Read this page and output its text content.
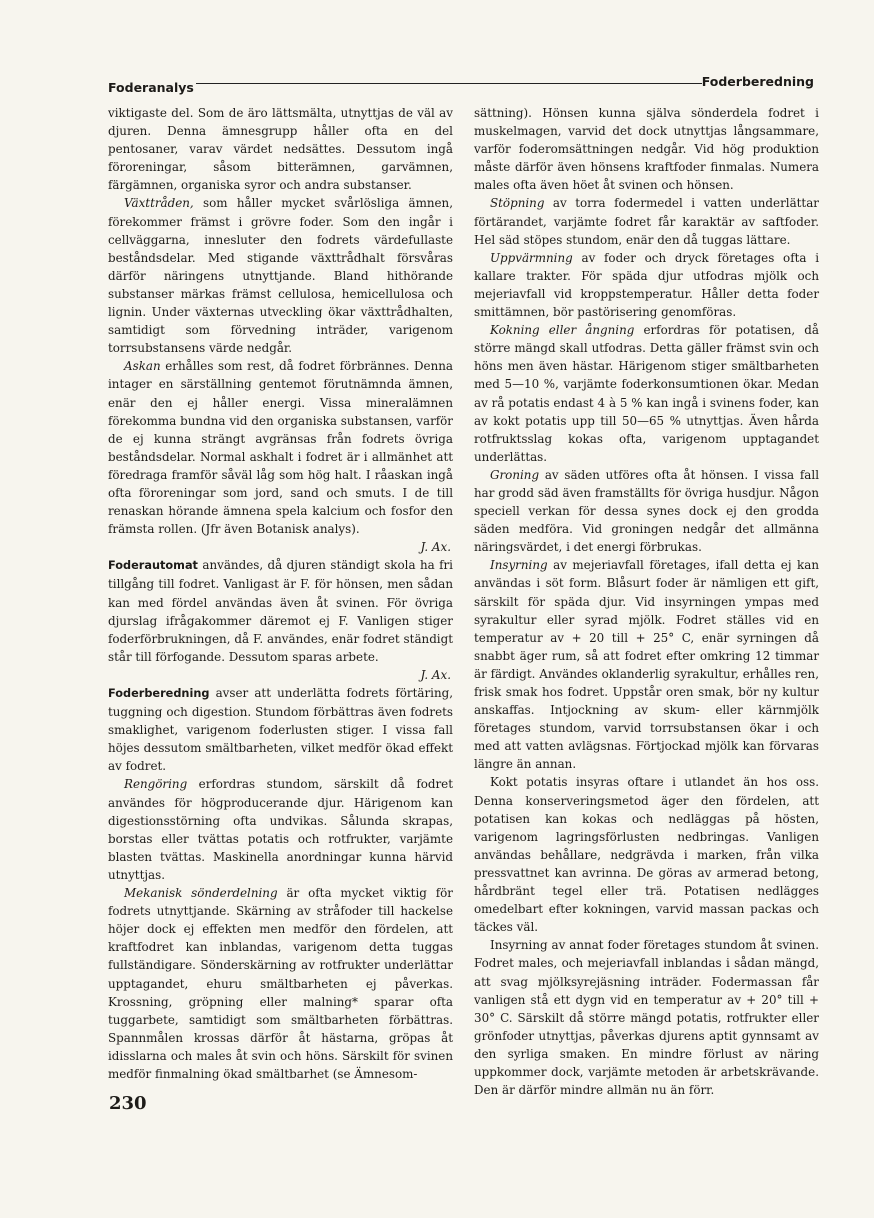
Foderanalys	Foderberedning

viktigaste del. Som de äro lättsmälta, utnyttjas de väl av djuren. Denna ämnesgrupp håller ofta en del pentosaner, varav värdet nedsättes. Dessutom ingå föroreningar, såsom bitterämnen, garvämnen, färgämnen, organiska syror och andra substanser.

Växttråden, som håller mycket svårlösliga ämnen, förekommer främst i grövre foder. Som den ingår i cellväggarna, innesluter den fodrets värdefullaste beståndsdelar. Med stigande växttrådhalt försvåras därför näringens utnyttjande. Bland hithörande substanser märkas främst cellulosa, hemicellulosa och lignin. Under växternas utveckling ökar växttrådhalten, samtidigt som förvedning inträder, varigenom torrsubstansens värde nedgår.

Askan erhålles som rest, då fodret förbrännes. Denna intager en särställning gentemot förutnämnda ämnen, enär den ej håller energi. Vissa mineralämnen förekomma bundna vid den organiska substansen, varför de ej kunna strängt avgränsas från fodrets övriga beståndsdelar. Normal askhalt i fodret är i allmänhet att föredraga framför såväl låg som hög halt. I råaskan ingå ofta föroreningar som jord, sand och smuts. I de till renaskan hörande ämnena spela kalcium och fosfor den främsta rollen. (Jfr även Botanisk analys).

J. Ax.

Foderautomat användes, då djuren ständigt skola ha fri tillgång till fodret. Vanligast är F. för hönsen, men sådan kan med fördel användas även åt svinen. För övriga djurslag ifrågakommer däremot ej F. Vanligen stiger foderförbrukningen, då F. användes, enär fodret ständigt står till förfogande. Dessutom sparas arbete.

J. Ax.

Foderberedning avser att underlätta fodrets förtäring, tuggning och digestion. Stundom förbättras även fodrets smaklighet, varigenom foderlusten stiger. I vissa fall höjes dessutom smältbarheten, vilket medför ökad effekt av fodret.

Rengöring erfordras stundom, särskilt då fodret användes för högproducerande djur. Härigenom kan digestionsstörning ofta undvikas. Sålunda skrapas, borstas eller tvättas potatis och rotfrukter, varjämte blasten tvättas. Maskinella anordningar kunna härvid utnyttjas.

Mekanisk sönderdelning är ofta mycket viktig för fodrets utnyttjande. Skärning av stråfoder till hackelse höjer dock ej effekten men medför den fördelen, att kraftfodret kan inblandas, varigenom detta tuggas fullständigare. Sönderskärning av rotfrukter underlättar upptagandet, ehuru smältbarheten ej påverkas. Krossning, gröpning eller malning* sparar ofta tuggarbete, samtidigt som smältbarheten förbättras. Spannmålen krossas därför åt hästarna, gröpas åt idisslarna och males åt svin och höns. Särskilt för svinen medför finmalning ökad smältbarhet (se Ämnesom-

sättning). Hönsen kunna själva sönderdela fodret i muskelmagen, varvid det dock utnyttjas långsammare, varför foderomsättningen nedgår. Vid hög produktion måste därför även hönsens kraftfoder finmalas. Numera males ofta även höet åt svinen och hönsen.

Stöpning av torra fodermedel i vatten underlättar förtärandet, varjämte fodret får karaktär av saftfoder. Hel säd stöpes stundom, enär den då tuggas lättare.

Uppvärmning av foder och dryck företages ofta i kallare trakter. För späda djur utfodras mjölk och mejeriavfall vid kroppstemperatur. Håller detta foder smittämnen, bör pastörisering genomföras.

Kokning eller ångning erfordras för potatisen, då större mängd skall utfodras. Detta gäller främst svin och höns men även hästar. Härigenom stiger smältbarheten med 5—10 %, varjämte foderkonsumtionen ökar. Medan av rå potatis endast 4 à 5 % kan ingå i svinens foder, kan av kokt potatis upp till 50—65 % utnyttjas. Även hårda rotfruktsslag kokas ofta, varigenom upptagandet underlättas.

Groning av säden utföres ofta åt hönsen. I vissa fall har grodd säd även framställts för övriga husdjur. Någon speciell verkan för dessa synes dock ej den grodda säden medföra. Vid groningen nedgår det allmänna näringsvärdet, i det energi förbrukas.

Insyrning av mejeriavfall företages, ifall detta ej kan användas i söt form. Blåsurt foder är nämligen ett gift, särskilt för späda djur. Vid insyrningen ympas med syrakultur eller syrad mjölk. Fodret ställes vid en temperatur av + 20 till + 25° C, enär syrningen då snabbt äger rum, så att fodret efter omkring 12 timmar är färdigt. Användes oklanderlig syrakultur, erhålles ren, frisk smak hos fodret. Uppstår oren smak, bör ny kultur anskaffas. Intjockning av skum- eller kärnmjölk företages stundom, varvid torrsubstansen ökar i och med att vatten avlägsnas. Förtjockad mjölk kan förvaras längre än annan.

Kokt potatis insyras oftare i utlandet än hos oss. Denna konserveringsmetod äger den fördelen, att potatisen kan kokas och nedläggas på hösten, varigenom lagringsförlusten nedbringas. Vanligen användas behållare, nedgrävda i marken, från vilka pressvattnet kan avrinna. De göras av armerad betong, hårdbränt tegel eller trä. Potatisen nedlägges omedelbart efter kokningen, varvid massan packas och täckes väl.

Insyrning av annat foder företages stundom åt svinen. Fodret males, och mejeriavfall inblandas i sådan mängd, att svag mjölksyrejäsning inträder. Fodermassan får vanligen stå ett dygn vid en temperatur av + 20° till + 30° C. Särskilt då större mängd potatis, rotfrukter eller grönfoder utnyttjas, påverkas djurens aptit gynnsamt av den syrliga smaken. En mindre förlust av näring uppkommer dock, varjämte metoden är arbetskrävande. Den är därför mindre allmän nu än förr.

230
